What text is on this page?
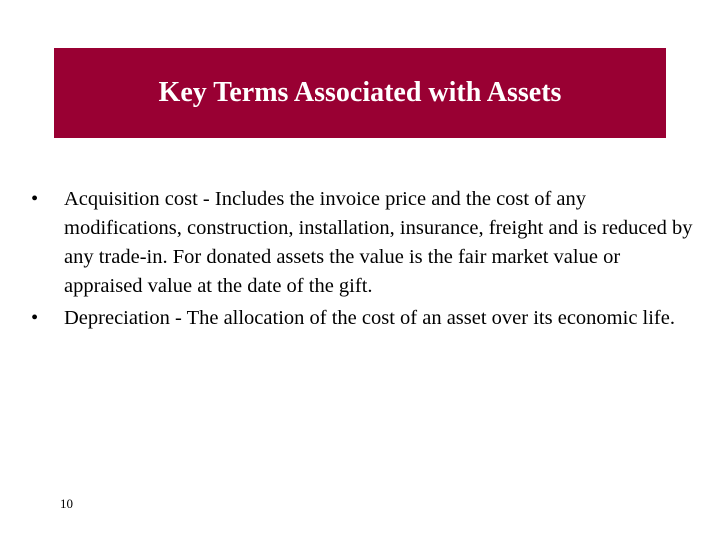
Key Terms Associated with Assets
•	Acquisition cost - Includes the invoice price and the cost of any modifications, construction, installation, insurance, freight and is reduced by any trade-in. For donated assets the value is the fair market value or appraised value at the date of the gift.
•	Depreciation - The allocation of the cost of an asset over its economic life.
10
